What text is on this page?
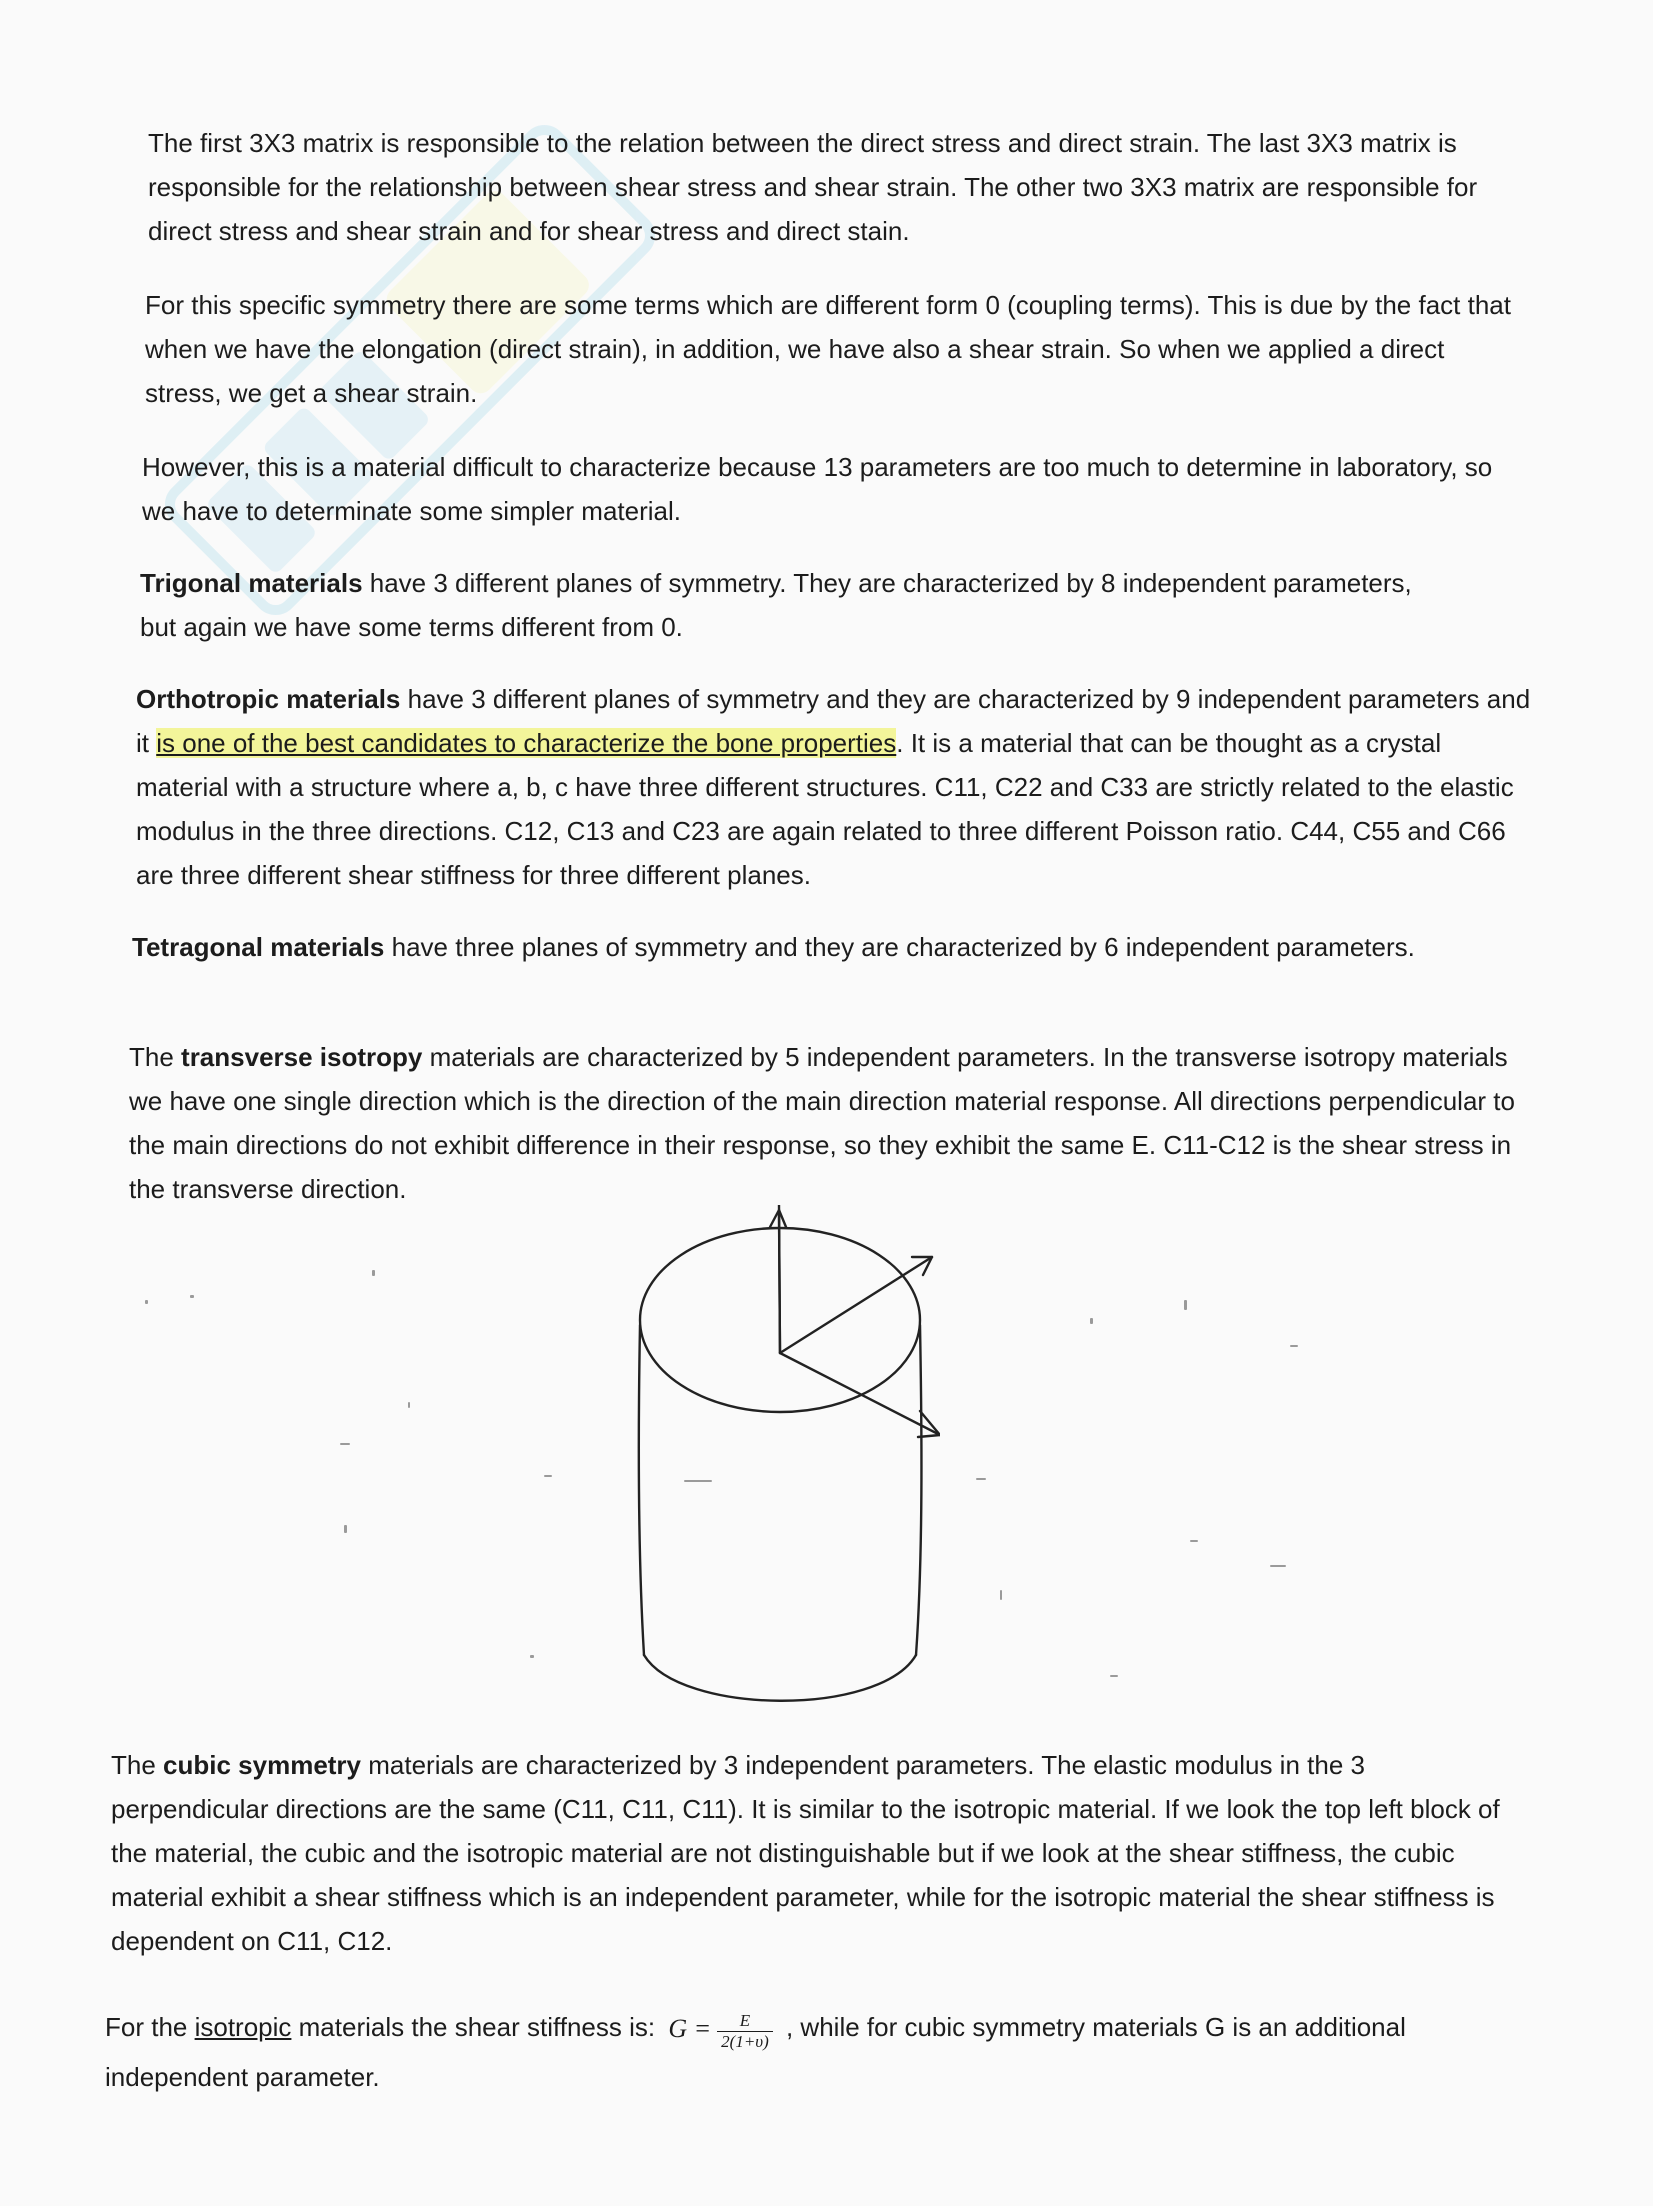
The first 3X3 matrix is responsible to the relation between the direct stress and direct strain. The last 3X3 matrix is responsible for the relationship between shear stress and shear strain. The other two 3X3 matrix are responsible for direct stress and shear strain and for shear stress and direct stain.

For this specific symmetry there are some terms which are different form 0 (coupling terms). This is due by the fact that when we have the elongation (direct strain), in addition, we have also a shear strain. So when we applied a direct stress, we get a shear strain.

However, this is a material difficult to characterize because 13 parameters are too much to determine in laboratory, so we have to determinate some simpler material.

Trigonal materials have 3 different planes of symmetry. They are characterized by 8 independent parameters, but again we have some terms different from 0.

Orthotropic materials have 3 different planes of symmetry and they are characterized by 9 independent parameters and it is one of the best candidates to characterize the bone properties. It is a material that can be thought as a crystal material with a structure where a, b, c have three different structures. C11, C22 and C33 are strictly related to the elastic modulus in the three directions. C12, C13 and C23 are again related to three different Poisson ratio. C44, C55 and C66 are three different shear stiffness for three different planes.

Tetragonal materials have three planes of symmetry and they are characterized by 6 independent parameters.

The transverse isotropy materials are characterized by 5 independent parameters. In the transverse isotropy materials we have one single direction which is the direction of the main direction material response. All directions perpendicular to the main directions do not exhibit difference in their response, so they exhibit the same E. C11-C12 is the shear stress in the transverse direction.

The cubic symmetry materials are characterized by 3 independent parameters. The elastic modulus in the 3 perpendicular directions are the same (C11, C11, C11). It is similar to the isotropic material. If we look the top left block of the material, the cubic and the isotropic material are not distinguishable but if we look at the shear stiffness, the cubic material exhibit a shear stiffness which is an independent parameter, while for the isotropic material the shear stiffness is dependent on C11, C12.

For the isotropic materials the shear stiffness is: $G = \frac{E}{2(1+\upsilon)}$ , while for cubic symmetry materials G is an additional independent parameter.
